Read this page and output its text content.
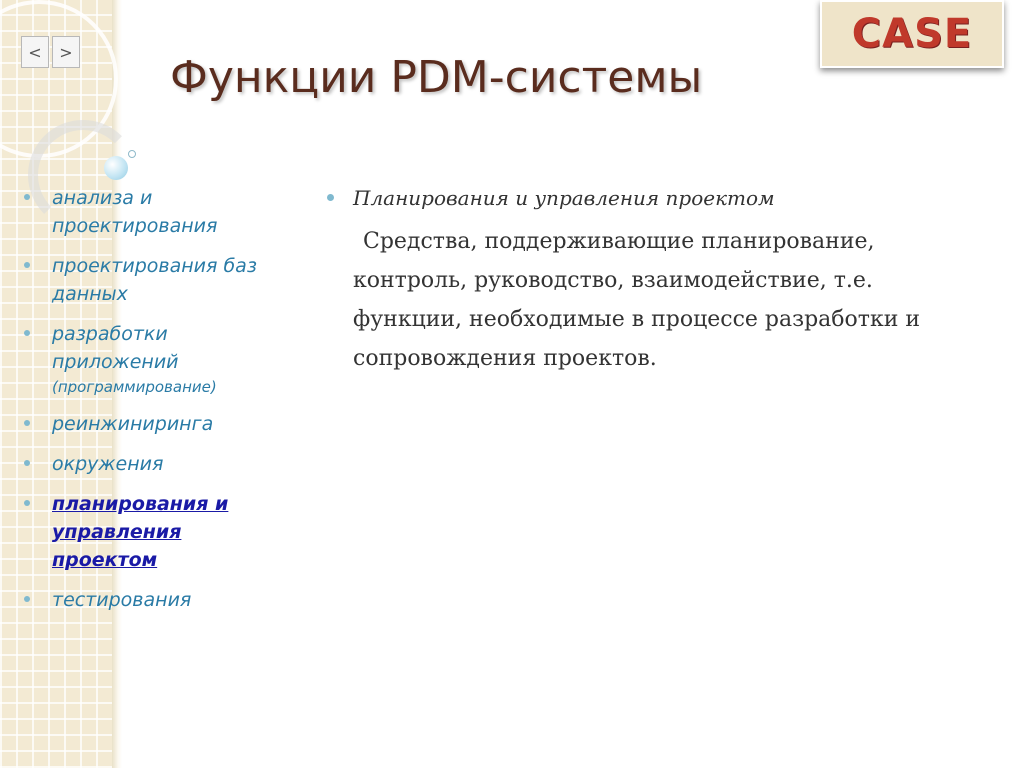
<	>	CASE
Функции PDM-системы
анализа и проектирования
проектирования баз данных
разработки приложений
(программирование)
реинжиниринга
окружения
планирования и управления проектом
тестирования
Планирования и управления проектом
Средства, поддерживающие планирование, контроль, руководство, взаимодействие, т.е. функции, необходимые в процессе разработки и сопровождения проектов.
